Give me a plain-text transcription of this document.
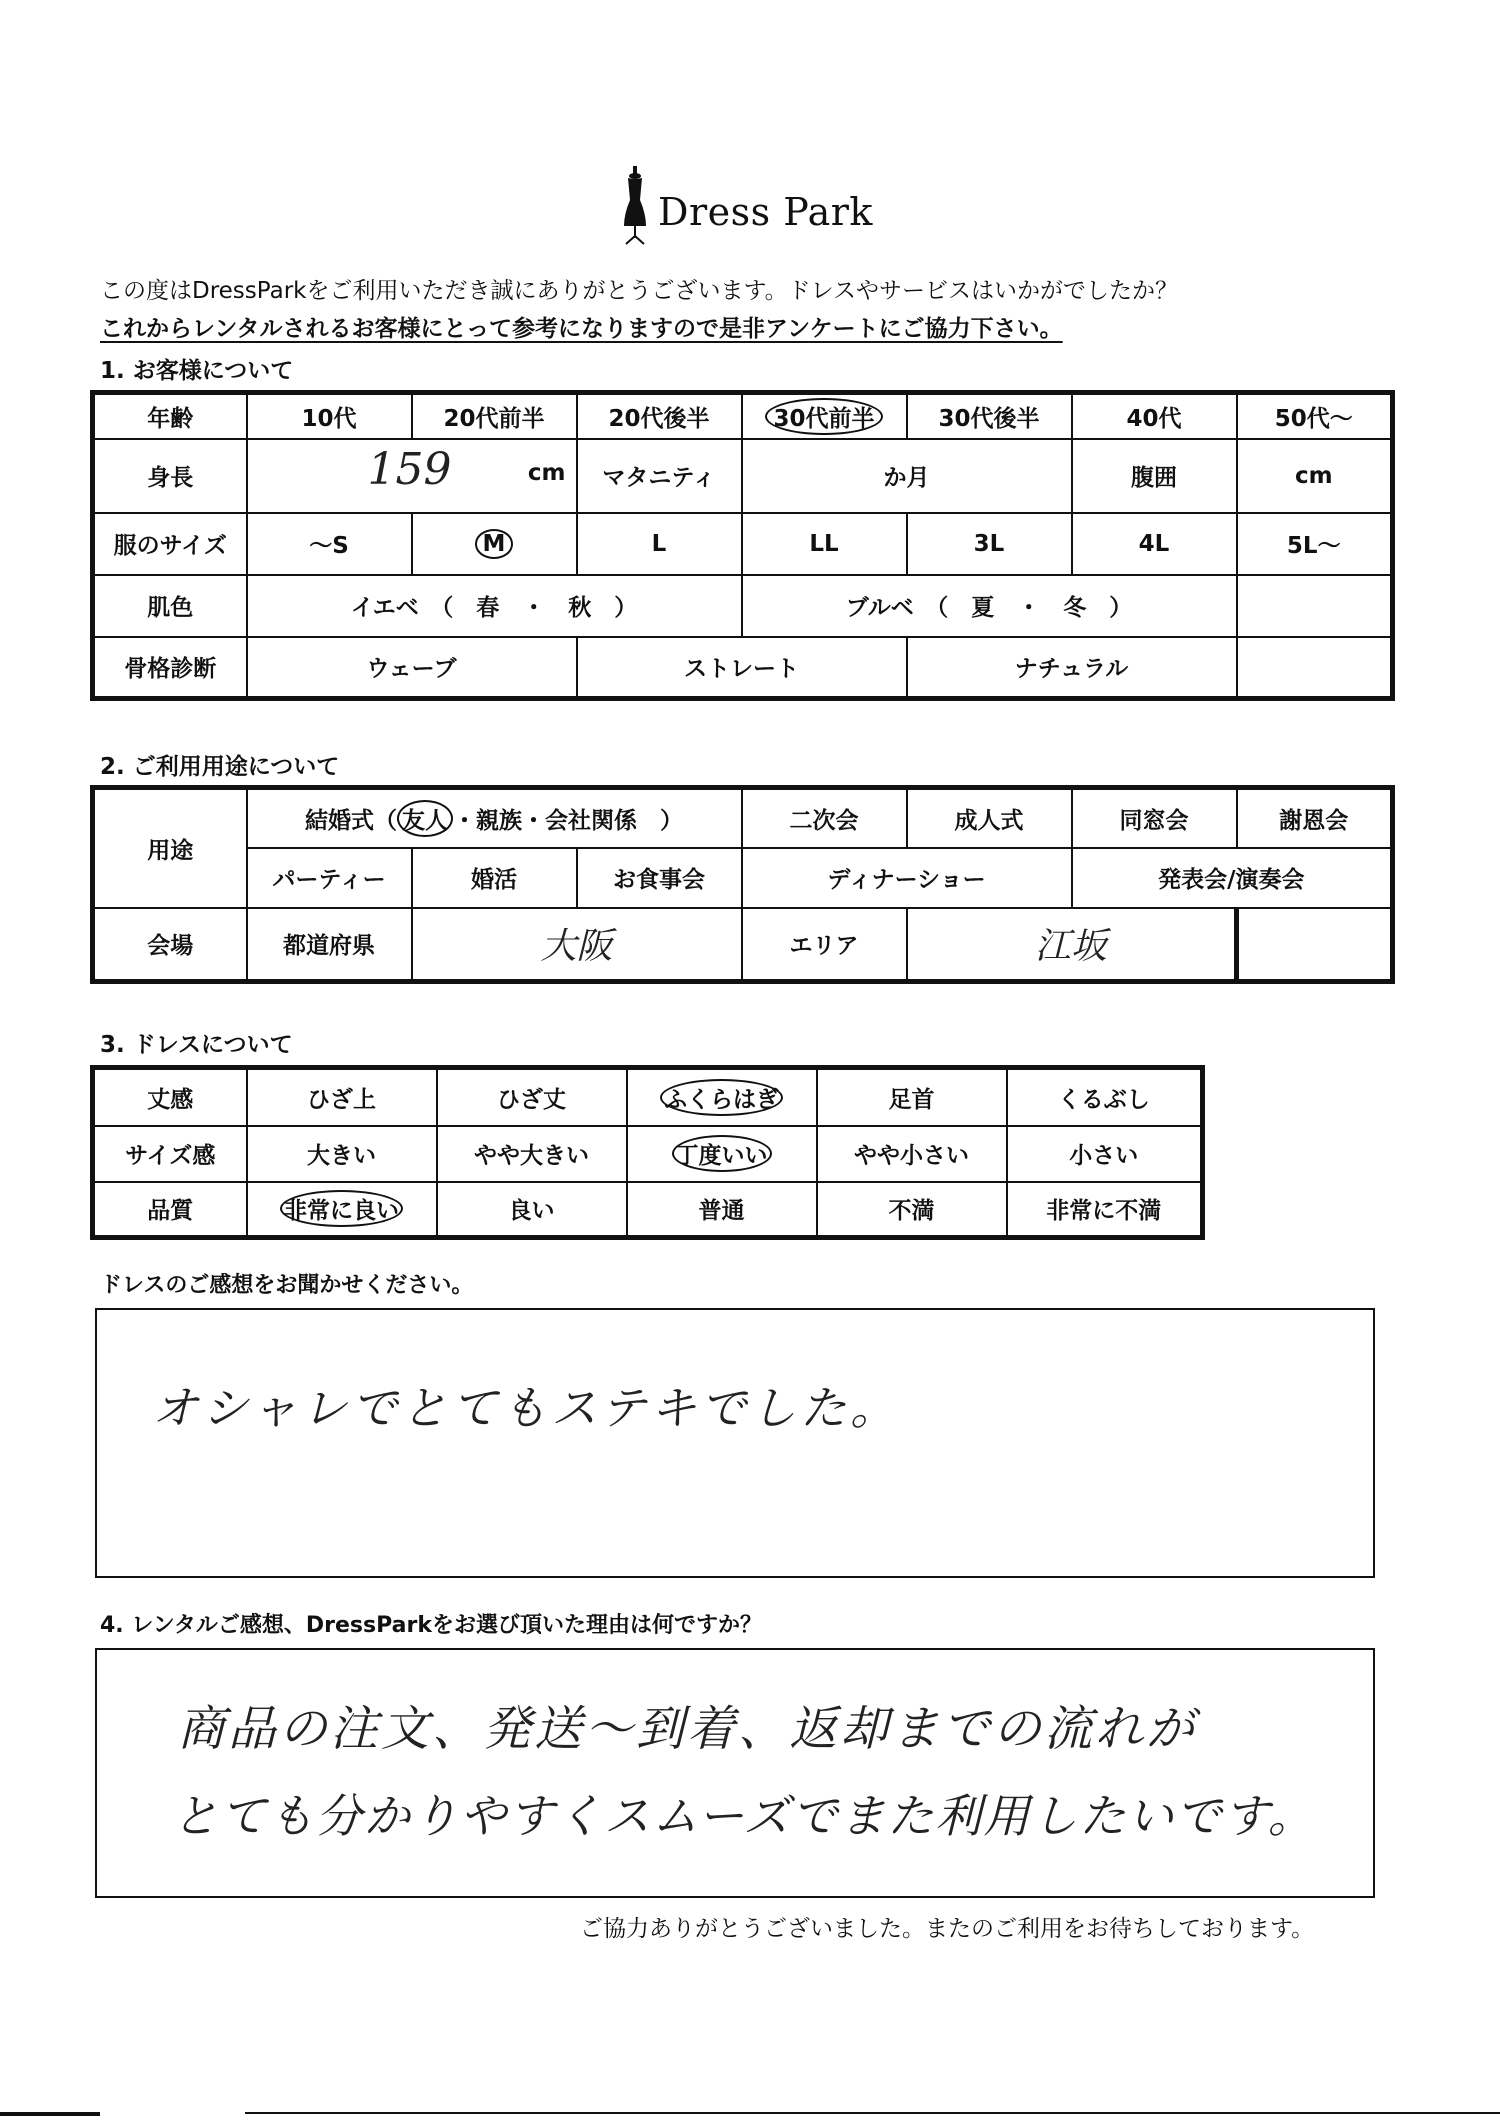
Dress Park
この度はDressParkをご利用いただき誠にありがとうございます。ドレスやサービスはいかがでしたか？
これからレンタルされるお客様にとって参考になりますので是非アンケートにご協力下さい。
1. お客様について
年齢	10代	20代前半	20代後半	30代前半	30代後半	40代	50代〜
身長	159 cm		マタニティ	か月		腹囲	cm
服のサイズ	〜S	M	L	LL	3L	4L	5L〜
肌色	イエベ　（　春　・　秋　）			ブルベ　（　夏　・　冬　）			
骨格診断	ウェーブ		ストレート		ナチュラル		
2. ご利用用途について
用途	結婚式（ 友人 ・親族・会社関係　）			二次会	成人式	同窓会	謝恩会
	パーティー	婚活	お食事会	ディナーショー		発表会/演奏会	
会場	都道府県	大阪		エリア	江坂		
3. ドレスについて
丈感	ひざ上	ひざ丈	ふくらはぎ	足首	くるぶし
サイズ感	大きい	やや大きい	丁度いい	やや小さい	小さい
品質	非常に良い	良い	普通	不満	非常に不満
ドレスのご感想をお聞かせください。
オシャレでとてもステキでした。
4. レンタルご感想、DressParkをお選び頂いた理由は何ですか？
商品の注文、発送〜到着、返却までの流れが
とても分かりやすくスムーズでまた利用したいです。
ご協力ありがとうございました。またのご利用をお待ちしております。
